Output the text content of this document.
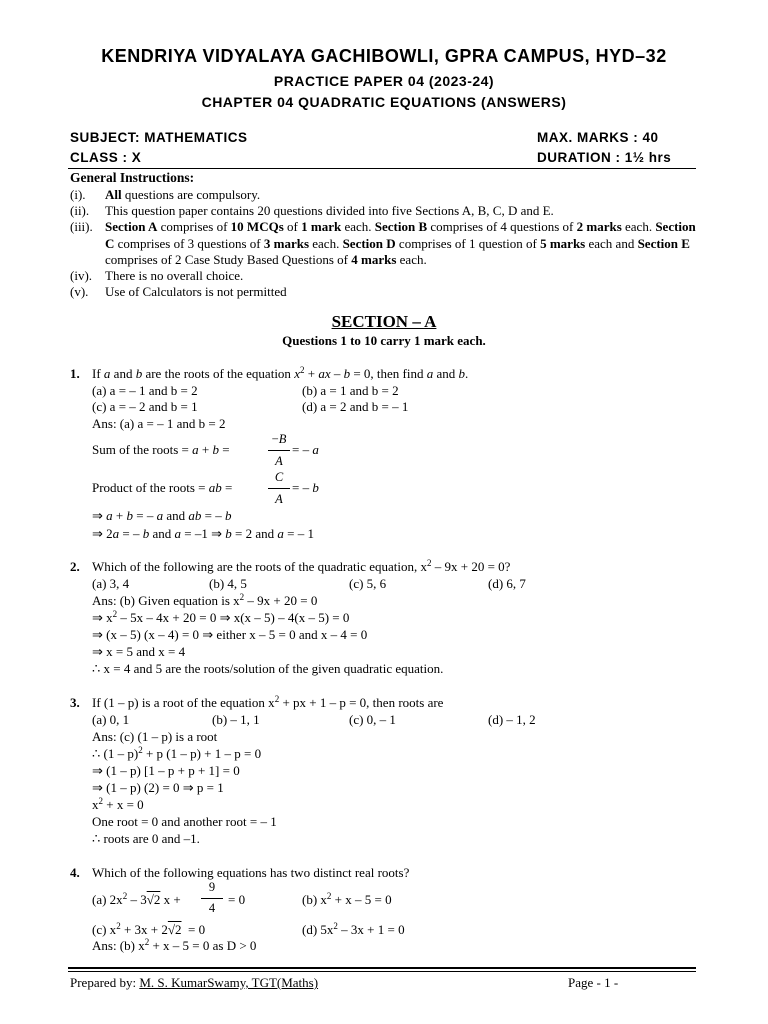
KENDRIYA VIDYALAYA GACHIBOWLI, GPRA CAMPUS, HYD–32
PRACTICE PAPER 04 (2023-24)
CHAPTER 04 QUADRATIC EQUATIONS (ANSWERS)
SUBJECT: MATHEMATICS	MAX. MARKS : 40
CLASS : X	DURATION : 1½ hrs
General Instructions:
(i). All questions are compulsory.
(ii). This question paper contains 20 questions divided into five Sections A, B, C, D and E.
(iii). Section A comprises of 10 MCQs of 1 mark each. Section B comprises of 4 questions of 2 marks each. Section C comprises of 3 questions of 3 marks each. Section D comprises of 1 question of 5 marks each and Section E comprises of 2 Case Study Based Questions of 4 marks each.
(iv). There is no overall choice.
(v). Use of Calculators is not permitted
SECTION – A
Questions 1 to 10 carry 1 mark each.
1. If a and b are the roots of the equation $x^2$ + ax – b = 0, then find a and b.
(a) a = – 1 and b = 2	(b) a = 1 and b = 2
(c) a = – 2 and b = 1	(d) a = 2 and b = – 1
Ans: (a) a = – 1 and b = 2
Sum of the roots = a + b =
−B
A
= – a
Product of the roots = ab =
C
A
= – b
⇒ a + b = – a and ab = – b
⇒ 2a = – b and a = –1 ⇒ b = 2 and a = – 1
2. Which of the following are the roots of the quadratic equation, $x^2 - 9x + 20 = 0$?
(a) 3, 4	(b) 4, 5	(c) 5, 6	(d) 6, 7
Ans: (b) Given equation is $x^2 - 9x + 20 = 0$
⇒ $x^2 - 5x - 4x + 20 = 0$ ⇒ x(x – 5) – 4(x – 5) = 0
⇒ (x – 5) (x – 4) = 0 ⇒ either x – 5 = 0 and x – 4 = 0
⇒ x = 5 and x = 4
∴ x = 4 and 5 are the roots/solution of the given quadratic equation.
3. If (1 – p) is a root of the equation $x^2$ + px + 1 – p = 0, then roots are
(a) 0, 1	(b) – 1, 1	(c) 0, – 1	(d) – 1, 2
Ans: (c) (1 – p) is a root
∴ (1 – p)$^2$ + p (1 – p) + 1 – p = 0
⇒ (1 – p) [1 – p + p + 1] = 0
⇒ (1 – p) (2) = 0 ⇒ p = 1
$x^2 + x = 0$
One root = 0 and another root = – 1
∴ roots are 0 and –1.
4. Which of the following equations has two distinct real roots?
(a) $2x^2 - 3√2$ x +
9
4
= 0	(b) $x^2 + x - 5 = 0$
(c) $x^2 + 3x + 2√2 = 0$	(d) $5x^2 - 3x + 1 = 0$
Ans: (b) $x^2 + x - 5 = 0$ as D > 0
Prepared by: M. S. KumarSwamy, TGT(Maths)	Page - 1 -
